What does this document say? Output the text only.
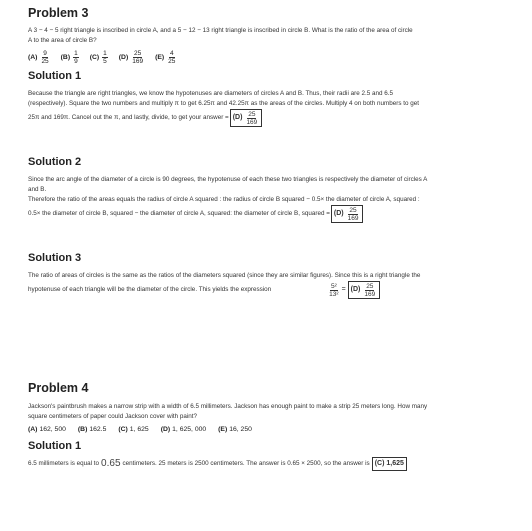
Problem 3
A 3 − 4 − 5 right triangle is inscribed in circle A, and a 5 − 12 − 13 right triangle is inscribed in circle B. What is the ratio of the area of circle
A to the area of circle B?
$(A) \frac{9}{25} (B) \frac{1}{9} (C) \frac{1}{5} (D) \frac{25}{169} (E) \frac{4}{25}$
Solution 1
Because the triangle are right triangles, we know the hypotenuses are diameters of circles A and B. Thus, their radii are 2.5 and 6.5
(respectively). Square the two numbers and multiply π to get 6.25π and 42.25π as the areas of the circles. Multiply 4 on both numbers to get
25π and 169π. Cancel out the π, and lastly, divide, to get your answer = $(D) \frac{25}{169}$
Solution 2
Since the arc angle of the diameter of a circle is 90 degrees, the hypotenuse of each these two triangles is respectively the diameter of circles A
and B.
Therefore the ratio of the areas equals the radius of circle A squared : the radius of circle B squared − 0.5× the diameter of circle A, squared :
0.5× the diameter of circle B, squared − the diameter of circle A, squared: the diameter of circle B, squared = $(D) \frac{25}{169}$
Solution 3
The ratio of areas of circles is the same as the ratios of the diameters squared (since they are similar figures). Since this is a right triangle the
hypotenuse of each triangle will be the diameter of the circle. This yields the expression	$\frac{\text{5²}}{\text{13²}} = (D) \frac{25}{169}$
Problem 4
Jackson's paintbrush makes a narrow strip with a width of 6.5 millimeters. Jackson has enough paint to make a strip 25 meters long. How many
square centimeters of paper could Jackson cover with paint?
(A) 162, 500 (B) 162.5 (C) 1, 625 (D) 1, 625, 000 (E) 16, 250
Solution 1
6.5 millimeters is equal to 0.65 centimeters. 25 meters is 2500 centimeters. The answer is 0.65 × 2500, so the answer is (C) 1,625
